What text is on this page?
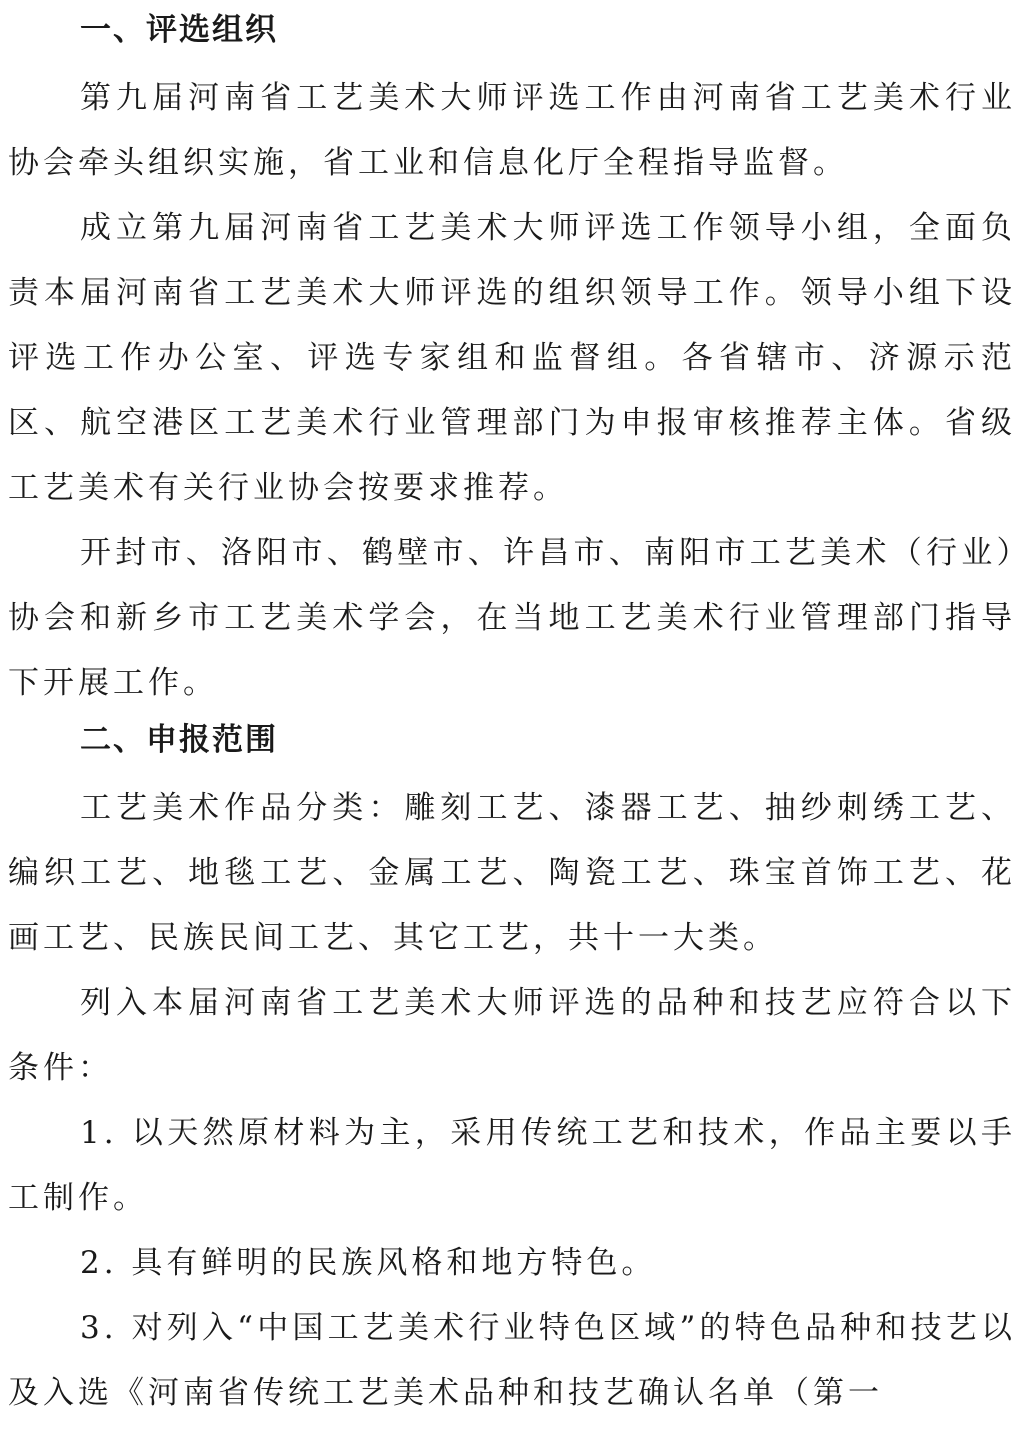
一、评选组织

第九届河南省工艺美术大师评选工作由河南省工艺美术行业协会牵头组织实施，省工业和信息化厅全程指导监督。

成立第九届河南省工艺美术大师评选工作领导小组，全面负责本届河南省工艺美术大师评选的组织领导工作。领导小组下设评选工作办公室、评选专家组和监督组。各省辖市、济源示范区、航空港区工艺美术行业管理部门为申报审核推荐主体。省级工艺美术有关行业协会按要求推荐。

开封市、洛阳市、鹤壁市、许昌市、南阳市工艺美术（行业）协会和新乡市工艺美术学会，在当地工艺美术行业管理部门指导下开展工作。

二、申报范围

工艺美术作品分类：雕刻工艺、漆器工艺、抽纱刺绣工艺、编织工艺、地毯工艺、金属工艺、陶瓷工艺、珠宝首饰工艺、花画工艺、民族民间工艺、其它工艺，共十一大类。

列入本届河南省工艺美术大师评选的品种和技艺应符合以下条件：

1. 以天然原材料为主，采用传统工艺和技术，作品主要以手工制作。

2. 具有鲜明的民族风格和地方特色。

3. 对列入“中国工艺美术行业特色区域”的特色品种和技艺以及入选《河南省传统工艺美术品种和技艺确认名单（第一
